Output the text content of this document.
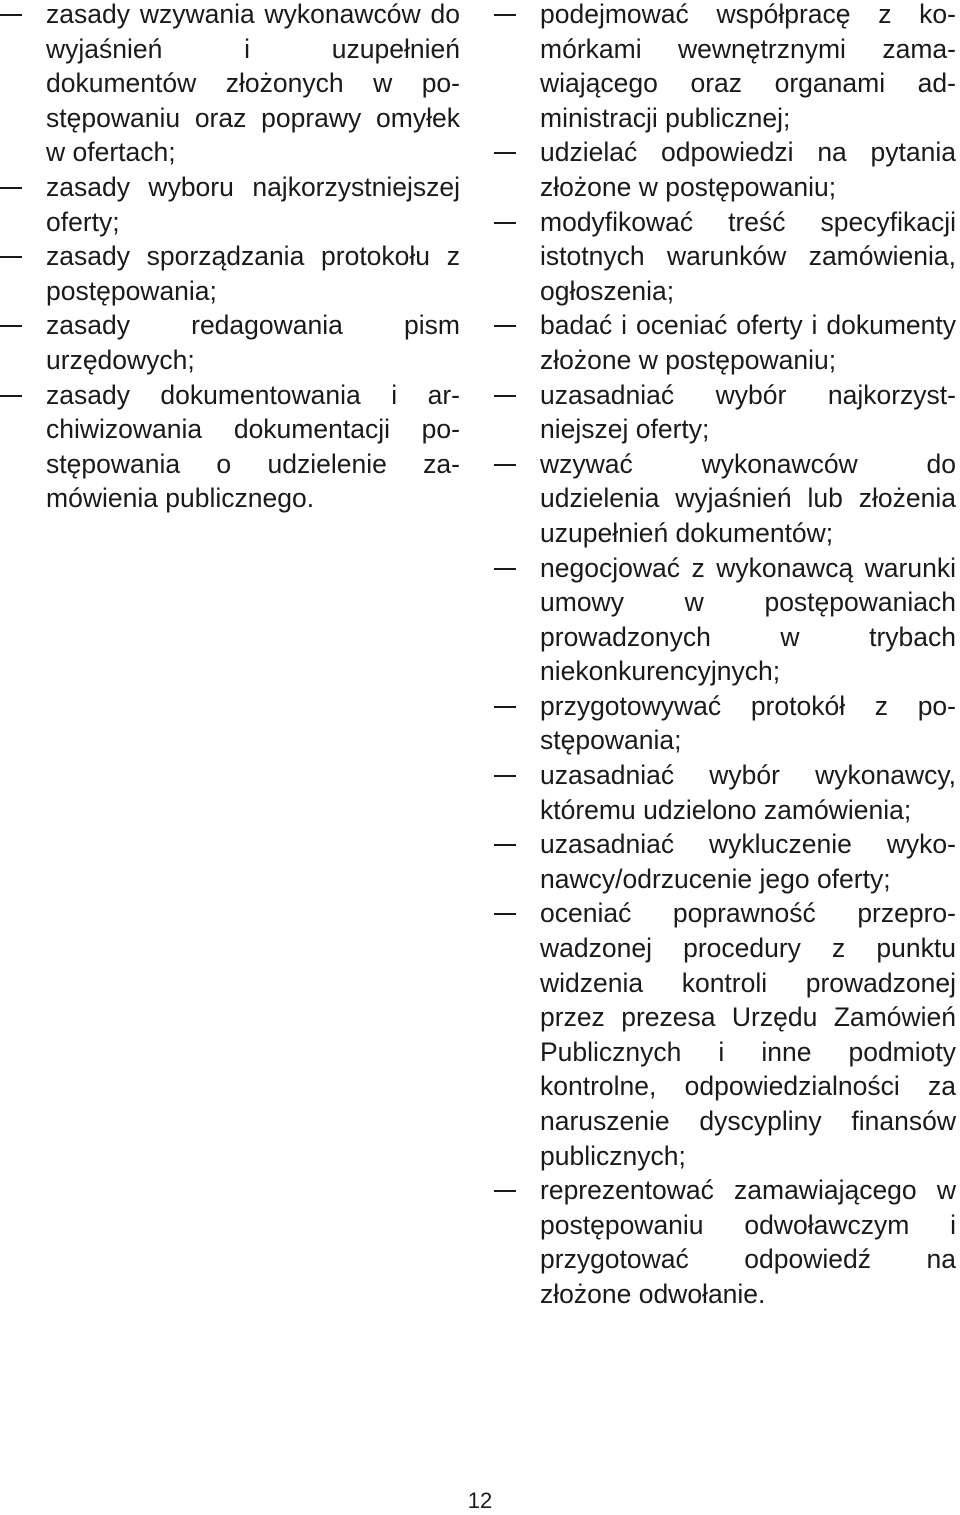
zasady wzywania wykonawców do wyjaśnień i uzupełnień dokumentów złożonych w postępowaniu oraz poprawy omyłek w ofertach;
zasady wyboru najkorzystniejszej oferty;
zasady sporządzania protokołu z postępowania;
zasady redagowania pism urzędowych;
zasady dokumentowania i archiwizowania dokumentacji postępowania o udzielenie zamówienia publicznego.
podejmować współpracę z komórkami wewnętrznymi zamawiającego oraz organami administracji publicznej;
udzielać odpowiedzi na pytania złożone w postępowaniu;
modyfikować treść specyfikacji istotnych warunków zamówienia, ogłoszenia;
badać i oceniać oferty i dokumenty złożone w postępowaniu;
uzasadniać wybór najkorzystniejszej oferty;
wzywać wykonawców do udzielenia wyjaśnień lub złożenia uzupełnień dokumentów;
negocjować z wykonawcą warunki umowy w postępowaniach prowadzonych w trybach niekonkurencyjnych;
przygotowywać protokół z postępowania;
uzasadniać wybór wykonawcy, któremu udzielono zamówienia;
uzasadniać wykluczenie wykonawcy/odrzucenie jego oferty;
oceniać poprawność przeprowadzonej procedury z punktu widzenia kontroli prowadzonej przez prezesa Urzędu Zamówień Publicznych i inne podmioty kontrolne, odpowiedzialności za naruszenie dyscypliny finansów publicznych;
reprezentować zamawiającego w postępowaniu odwoławczym i przygotować odpowiedź na złożone odwołanie.
12
